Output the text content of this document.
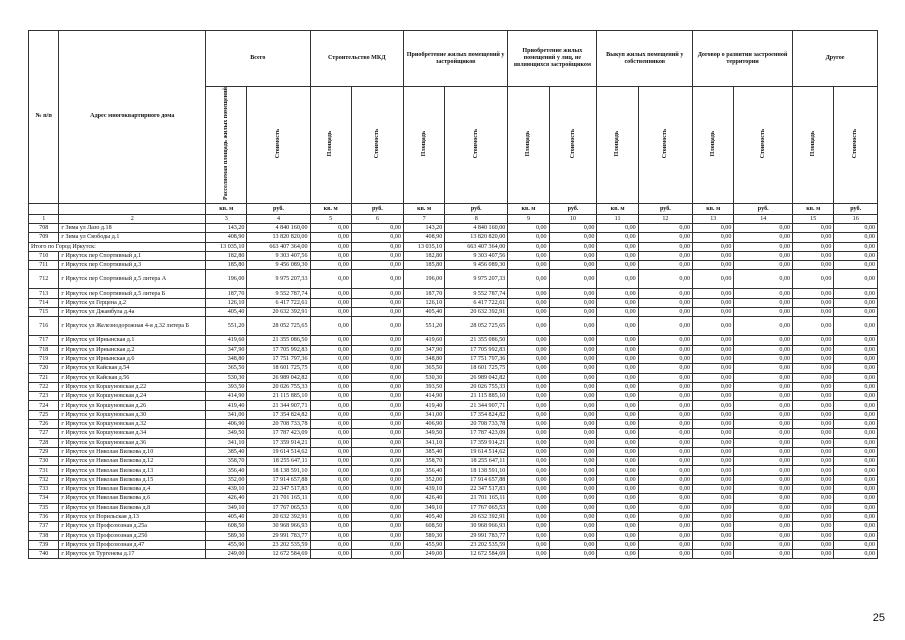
№ п/п	Адрес многоквартирного дома	Всего		Строительство МКД		Приобретение жилых помещений у застройщиков		Приобретение жилых помещений у лиц, не являющихся застройщиком		Выкуп жилых помещений у собственников		Договор о развитии застроенной территории		Другое	
		Расселяемая площадь жилых помещений	Стоимость	Площадь	Стоимость	Площадь	Стоимость	Площадь	Стоимость	Площадь	Стоимость	Площадь	Стоимость	Площадь	Стоимость
		кв. м	руб.	кв. м	руб.	кв. м	руб.	кв. м	руб.	кв. м	руб.	кв. м	руб.	кв. м	руб.
1	2	3	4	5	6	7	8	9	10	11	12	13	14	15	16
708	г Зима ул Лазо д.18	143,20	4 840 160,00	0,00	0,00	143,20	4 840 160,00	0,00	0,00	0,00	0,00	0,00	0,00	0,00	0,00
709	г Зима ул Свободы д.1	408,90	13 820 820,00	0,00	0,00	408,90	13 820 820,00	0,00	0,00	0,00	0,00	0,00	0,00	0,00	0,00
Итого по Город Иркутск:		13 035,10	663 407 364,00	0,00	0,00	13 035,10	663 407 364,00	0,00	0,00	0,00	0,00	0,00	0,00	0,00	0,00
710	г Иркутск пер Спортивный д.1	182,80	9 303 407,56	0,00	0,00	182,80	9 303 407,56	0,00	0,00	0,00	0,00	0,00	0,00	0,00	0,00
711	г Иркутск пер Спортивный д.3	185,80	9 456 089,30	0,00	0,00	185,80	9 456 089,30	0,00	0,00	0,00	0,00	0,00	0,00	0,00	0,00
712	г Иркутск пер Спортивный д.5 литера А	196,00	9 975 207,33	0,00	0,00	196,00	9 975 207,33	0,00	0,00	0,00	0,00	0,00	0,00	0,00	0,00
713	г Иркутск пер Спортивный д.5 литера Б	187,70	9 552 787,74	0,00	0,00	187,70	9 552 787,74	0,00	0,00	0,00	0,00	0,00	0,00	0,00	0,00
714	г Иркутск ул Герцена д.2	126,10	6 417 722,61	0,00	0,00	126,10	6 417 722,61	0,00	0,00	0,00	0,00	0,00	0,00	0,00	0,00
715	г Иркутск ул Джамбула д.4а	405,40	20 632 392,91	0,00	0,00	405,40	20 632 392,91	0,00	0,00	0,00	0,00	0,00	0,00	0,00	0,00
716	г Иркутск ул Железнодорожная 4-я д.32 литера Б	551,20	28 052 725,65	0,00	0,00	551,20	28 052 725,65	0,00	0,00	0,00	0,00	0,00	0,00	0,00	0,00
717	г Иркутск ул Ирнынская д.1	419,60	21 355 086,50	0,00	0,00	419,60	21 355 086,50	0,00	0,00	0,00	0,00	0,00	0,00	0,00	0,00
718	г Иркутск ул Ирнынская д.2	347,90	17 705 992,83	0,00	0,00	347,90	17 705 992,83	0,00	0,00	0,00	0,00	0,00	0,00	0,00	0,00
719	г Иркутск ул Ирнынская д.6	348,80	17 751 797,36	0,00	0,00	348,80	17 751 797,36	0,00	0,00	0,00	0,00	0,00	0,00	0,00	0,00
720	г Иркутск ул Кайская д.54	365,50	18 601 725,75	0,00	0,00	365,50	18 601 725,75	0,00	0,00	0,00	0,00	0,00	0,00	0,00	0,00
721	г Иркутск ул Кайская д.56	530,30	26 989 042,82	0,00	0,00	530,30	26 989 042,82	0,00	0,00	0,00	0,00	0,00	0,00	0,00	0,00
722	г Иркутск ул Коршуновская д.22	393,50	20 026 755,33	0,00	0,00	393,50	20 026 755,33	0,00	0,00	0,00	0,00	0,00	0,00	0,00	0,00
723	г Иркутск ул Коршуновская д.24	414,90	21 115 885,10	0,00	0,00	414,90	21 115 885,10	0,00	0,00	0,00	0,00	0,00	0,00	0,00	0,00
724	г Иркутск ул Коршуновская д.26	419,40	21 344 907,71	0,00	0,00	419,40	21 344 907,71	0,00	0,00	0,00	0,00	0,00	0,00	0,00	0,00
725	г Иркутск ул Коршуновская д.30	341,00	17 354 824,82	0,00	0,00	341,00	17 354 824,82	0,00	0,00	0,00	0,00	0,00	0,00	0,00	0,00
726	г Иркутск ул Коршуновская д.32	406,90	20 708 733,78	0,00	0,00	406,90	20 708 733,78	0,00	0,00	0,00	0,00	0,00	0,00	0,00	0,00
727	г Иркутск ул Коршуновская д.34	349,50	17 787 423,09	0,00	0,00	349,50	17 787 423,09	0,00	0,00	0,00	0,00	0,00	0,00	0,00	0,00
728	г Иркутск ул Коршуновская д.36	341,10	17 359 914,21	0,00	0,00	341,10	17 359 914,21	0,00	0,00	0,00	0,00	0,00	0,00	0,00	0,00
729	г Иркутск ул Николая Вилкова д.10	385,40	19 614 514,62	0,00	0,00	385,40	19 614 514,62	0,00	0,00	0,00	0,00	0,00	0,00	0,00	0,00
730	г Иркутск ул Николая Вилкова д.12	358,70	18 255 647,11	0,00	0,00	358,70	18 255 647,11	0,00	0,00	0,00	0,00	0,00	0,00	0,00	0,00
731	г Иркутск ул Николая Вилкова д.13	356,40	18 138 591,10	0,00	0,00	356,40	18 138 591,10	0,00	0,00	0,00	0,00	0,00	0,00	0,00	0,00
732	г Иркутск ул Николая Вилкова д.15	352,00	17 914 657,88	0,00	0,00	352,00	17 914 657,88	0,00	0,00	0,00	0,00	0,00	0,00	0,00	0,00
733	г Иркутск ул Николая Вилкова д.4	439,10	22 347 517,83	0,00	0,00	439,10	22 347 517,83	0,00	0,00	0,00	0,00	0,00	0,00	0,00	0,00
734	г Иркутск ул Николая Вилкова д.6	426,40	21 701 165,11	0,00	0,00	426,40	21 701 165,11	0,00	0,00	0,00	0,00	0,00	0,00	0,00	0,00
735	г Иркутск ул Николая Вилкова д.8	349,10	17 767 065,53	0,00	0,00	349,10	17 767 065,53	0,00	0,00	0,00	0,00	0,00	0,00	0,00	0,00
736	г Иркутск ул Норильская д.13	405,40	20 632 392,91	0,00	0,00	405,40	20 632 392,91	0,00	0,00	0,00	0,00	0,00	0,00	0,00	0,00
737	г Иркутск ул Профсоюзная д.25а	608,50	30 968 966,93	0,00	0,00	608,50	30 968 966,93	0,00	0,00	0,00	0,00	0,00	0,00	0,00	0,00
738	г Иркутск ул Профсоюзная д.25б	589,30	29 991 783,77	0,00	0,00	589,30	29 991 783,77	0,00	0,00	0,00	0,00	0,00	0,00	0,00	0,00
739	г Иркутск ул Профсоюзная д.47	455,90	23 202 535,59	0,00	0,00	455,90	23 202 535,59	0,00	0,00	0,00	0,00	0,00	0,00	0,00	0,00
740	г Иркутск ул Тургенева д.17	249,00	12 672 584,69	0,00	0,00	249,00	12 672 584,69	0,00	0,00	0,00	0,00	0,00	0,00	0,00	0,00
25
